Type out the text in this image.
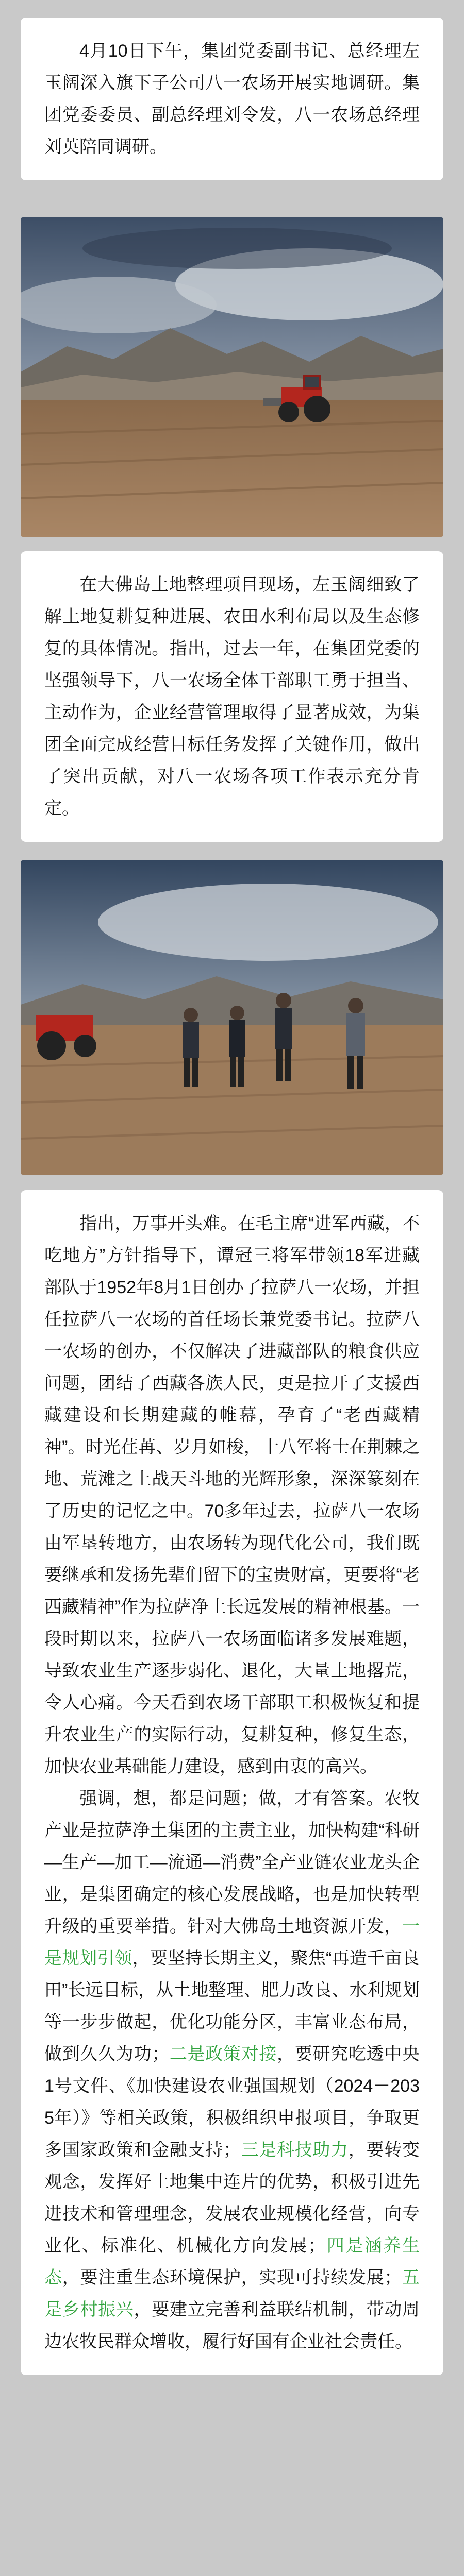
4月10日下午，集团党委副书记、总经理左玉阔深入旗下子公司八一农场开展实地调研。集团党委委员、副总经理刘令发，八一农场总经理刘英陪同调研。

在大佛岛土地整理项目现场，左玉阔细致了解土地复耕复种进展、农田水利布局以及生态修复的具体情况。指出，过去一年，在集团党委的坚强领导下，八一农场全体干部职工勇于担当、主动作为，企业经营管理取得了显著成效，为集团全面完成经营目标任务发挥了关键作用，做出了突出贡献，对八一农场各项工作表示充分肯定。

指出，万事开头难。在毛主席“进军西藏，不吃地方”方针指导下，谭冠三将军带领18军进藏部队于1952年8月1日创办了拉萨八一农场，并担任拉萨八一农场的首任场长兼党委书记。拉萨八一农场的创办，不仅解决了进藏部队的粮食供应问题，团结了西藏各族人民，更是拉开了支援西藏建设和长期建藏的帷幕，孕育了“老西藏精神”。时光荏苒、岁月如梭，十八军将士在荆棘之地、荒滩之上战天斗地的光辉形象，深深篆刻在了历史的记忆之中。70多年过去，拉萨八一农场由军垦转地方，由农场转为现代化公司，我们既要继承和发扬先辈们留下的宝贵财富，更要将“老西藏精神”作为拉萨净土长远发展的精神根基。一段时期以来，拉萨八一农场面临诸多发展难题，导致农业生产逐步弱化、退化，大量土地撂荒，令人心痛。今天看到农场干部职工积极恢复和提升农业生产的实际行动，复耕复种，修复生态，加快农业基础能力建设，感到由衷的高兴。

强调，想，都是问题；做，才有答案。农牧产业是拉萨净土集团的主责主业，加快构建“科研—生产—加工—流通—消费”全产业链农业龙头企业，是集团确定的核心发展战略，也是加快转型升级的重要举措。针对大佛岛土地资源开发，一是规划引领，要坚持长期主义，聚焦“再造千亩良田”长远目标，从土地整理、肥力改良、水利规划等一步步做起，优化功能分区，丰富业态布局，做到久久为功；二是政策对接，要研究吃透中央1号文件、《加快建设农业强国规划（2024－2035年）》等相关政策，积极组织申报项目，争取更多国家政策和金融支持；三是科技助力，要转变观念，发挥好土地集中连片的优势，积极引进先进技术和管理理念，发展农业规模化经营，向专业化、标准化、机械化方向发展；四是涵养生态，要注重生态环境保护，实现可持续发展；五是乡村振兴，要建立完善利益联结机制，带动周边农牧民群众增收，履行好国有企业社会责任。
